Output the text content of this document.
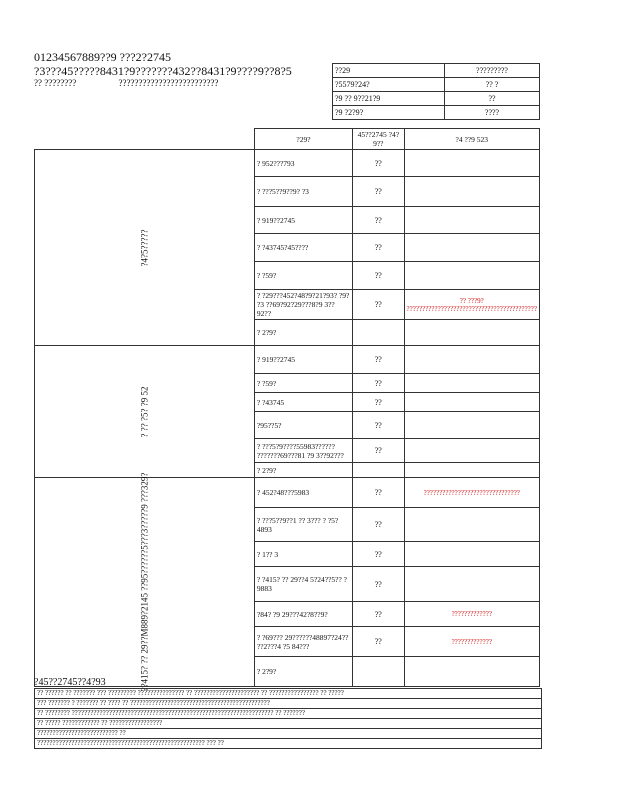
01234567889??9 ???2?2745
?3???45?????8431?9???????432??8431?9????9??8?5
?? ????????	?????????????????????????
??29	?????????
?5579?24?	?? ?
?9 ?? 9??21?9	??
?9 ?2?9?	????
	?29?	45??2745 ?4?9??	?4 ??9 523

?4?5?????	? 952???793	??	
	? ???5??9??9? ?3	??	
	? 919??2745	??	
	? ?43745?45????	??	
	? ?59?	??	
	? ?29???452?48?9?21?93? ?9? ?3 ??69?92?29???8?9 3?? 92??	??	?? ???9? ??????????????????????????????????????????
	? 2?9?		

? ?? ?5? ?9 52	? 919??2745	??	
	? ?59?	??	
	? ?43745	??	
	?95??5?	??	
	? ???5?9????55983?????? ???????69???81 ?9 3??92???	??	
	? 2?9?		

??415? ?? 29??M889?2145 ??95??????5???3?????9 ???329?	? 452?48???5983	??	???????????????????????????????
	? ???5??9??1 ?? 3??? ? ?5?4893	??	
	? 1?? 3	??	
	? ?415? ?? 29??4 5?24??5?? ? 9883	??	
	?84? ?9 29???42?8??9?	??	?????????????
	? ?69??? 29??????48897?24?? ??2???4 ?5 84???	??	?????????????
	? 2?9?		
?45??2745??4?93
?? ?????? ?? ??????? ??? ????????? ??????????????? ?? ????????????????????? ?? ???????????????? ?? ?????
??? ??????? ? ??????? ?? ???? ?? ?????????????????????????????????????????????
?? ???????? ????????????????????????????????????????????????????????????????? ?? ???????
?? ????? ???????????? ?? ?????????????????
?????????????????????????? ??
?????????????????????????????????????????????????????? ??? ??
